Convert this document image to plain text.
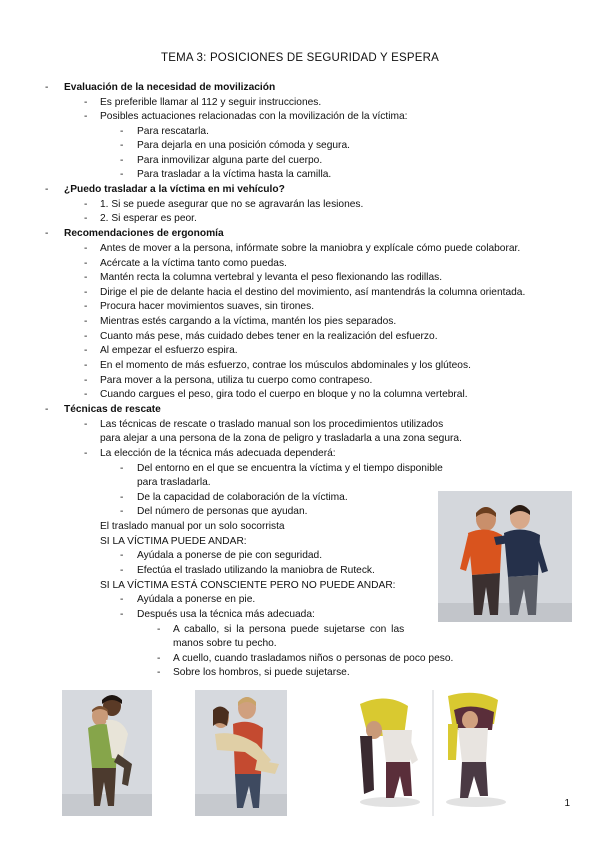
TEMA 3: POSICIONES DE SEGURIDAD Y ESPERA
- Evaluación de la necesidad de movilización
- Es preferible llamar al 112 y seguir instrucciones.
- Posibles actuaciones relacionadas con la movilización de la víctima:
- Para rescatarla.
- Para dejarla en una posición cómoda y segura.
- Para inmovilizar alguna parte del cuerpo.
- Para trasladar a la víctima hasta la camilla.
- ¿Puedo trasladar a la víctima en mi vehículo?
- 1. Si se puede asegurar que no se agravarán las lesiones.
- 2. Si esperar es peor.
- Recomendaciones de ergonomía
- Antes de mover a la persona, infórmate sobre la maniobra y explícale cómo puede colaborar.
- Acércate a la víctima tanto como puedas.
- Mantén recta la columna vertebral y levanta el peso flexionando las rodillas.
- Dirige el pie de delante hacia el destino del movimiento, así mantendrás la columna orientada.
- Procura hacer movimientos suaves, sin tirones.
- Mientras estés cargando a la víctima, mantén los pies separados.
- Cuanto más pese, más cuidado debes tener en la realización del esfuerzo.
- Al empezar el esfuerzo espira.
- En el momento de más esfuerzo, contrae los músculos abdominales y los glúteos.
- Para mover a la persona, utiliza tu cuerpo como contrapeso.
- Cuando cargues el peso, gira todo el cuerpo en bloque y no la columna vertebral.
- Técnicas de rescate
- Las técnicas de rescate o traslado manual son los procedimientos utilizados
para alejar a una persona de la zona de peligro y trasladarla a una zona segura.
- La elección de la técnica más adecuada dependerá:
- Del entorno en el que se encuentra la víctima y el tiempo disponible
para trasladarla.
- De la capacidad de colaboración de la víctima.
- Del número de personas que ayudan.
El traslado manual por un solo socorrista
SI LA VÍCTIMA PUEDE ANDAR:
- Ayúdala a ponerse de pie con seguridad.
- Efectúa el traslado utilizando la maniobra de Ruteck.
SI LA VÍCTIMA ESTÁ CONSCIENTE PERO NO PUEDE ANDAR:
- Ayúdala a ponerse en pie.
- Después usa la técnica más adecuada:
- A caballo, si la persona puede sujetarse con las
manos sobre tu pecho.
- A cuello, cuando trasladamos niños o personas de poco peso.
- Sobre los hombros, si puede sujetarse.
1
